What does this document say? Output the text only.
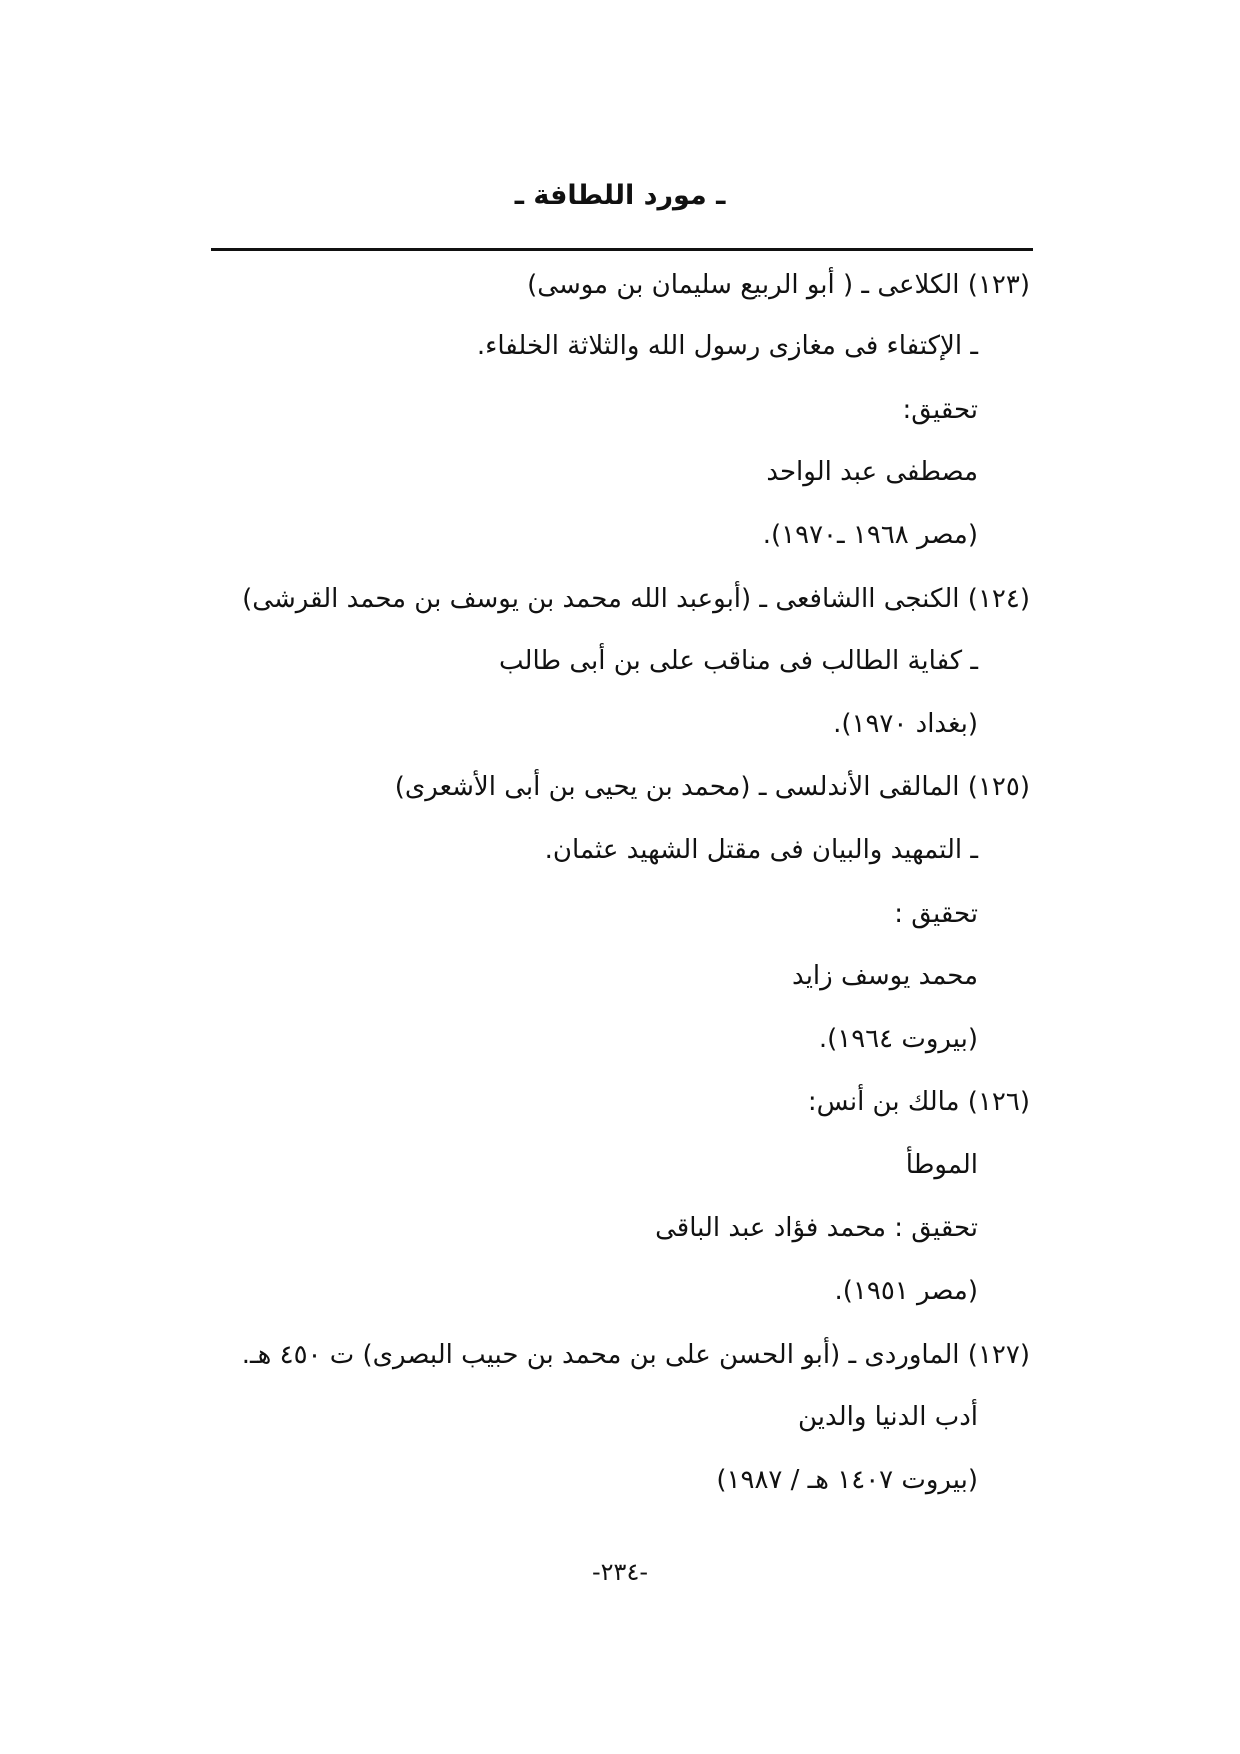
ـ مورد اللطافة ـ
(١٢٣) الكلاعى ـ ( أبو الربيع سليمان بن موسى)
ـ الإكتفاء فى مغازى رسول الله والثلاثة الخلفاء.
تحقيق:
مصطفى عبد الواحد
(مصر ١٩٦٨ ـ١٩٧٠).
(١٢٤) الكنجى االشافعى ـ (أبوعبد الله محمد بن يوسف بن محمد القرشى)
ـ كفاية الطالب فى مناقب على بن أبى طالب
(بغداد ١٩٧٠).
(١٢٥) المالقى الأندلسى ـ (محمد بن يحيى بن أبى الأشعرى)
ـ التمهيد والبيان فى مقتل الشهيد عثمان.
تحقيق :
محمد يوسف زايد
(بيروت ١٩٦٤).
(١٢٦) مالك بن أنس:
الموطأ
تحقيق : محمد فؤاد عبد الباقى
(مصر ١٩٥١).
(١٢٧) الماوردى ـ (أبو الحسن على بن محمد بن حبيب البصرى) ت ٤٥٠ هـ.
أدب الدنيا والدين
(بيروت ١٤٠٧ هـ / ١٩٨٧)
-٢٣٤-
